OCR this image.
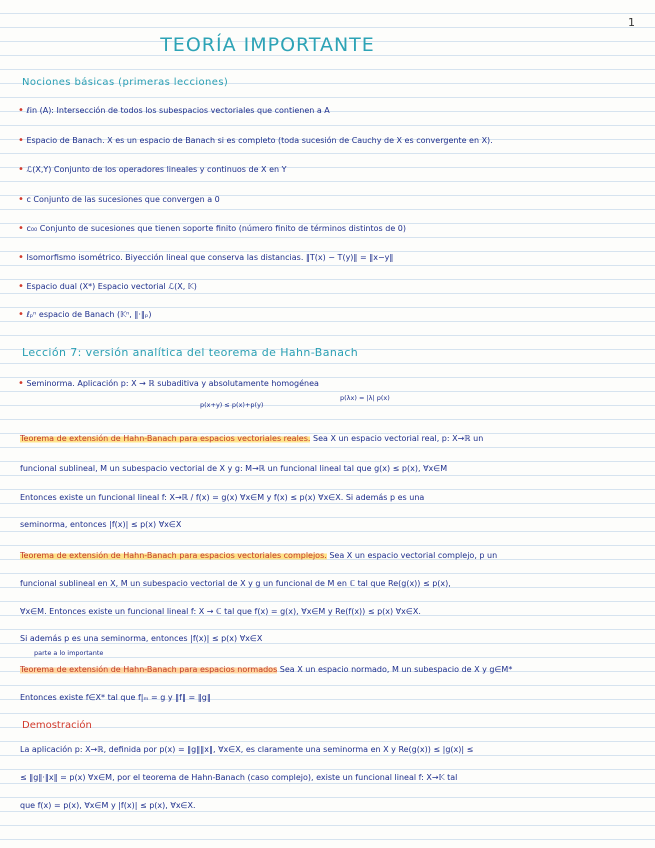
1
TEORÍA IMPORTANTE
Nociones básicas (primeras lecciones)
• ℓin (A): Intersección de todos los subespacios vectoriales que contienen a A
• Espacio de Banach. X es un espacio de Banach si es completo (toda sucesión de Cauchy de X es convergente en X).
• ℒ(X,Y) Conjunto de los operadores lineales y continuos de X en Y
• c Conjunto de las sucesiones que convergen a 0
• c₀₀ Conjunto de sucesiones que tienen soporte finito (número finito de términos distintos de 0)
• Isomorfismo isométrico. Biyección lineal que conserva las distancias. ‖T(x) − T(y)‖ = ‖x−y‖
• Espacio dual (X*) Espacio vectorial ℒ(X, 𝕂)
• ℓₚⁿ espacio de Banach (𝕂ⁿ, ‖·‖ₚ)
Lección 7: versión analítica del teorema de Hahn-Banach
• Seminorma. Aplicación p: X → ℝ subaditiva y absolutamente homogénea
p(x+y) ≤ p(x)+p(y)
p(λx) = |λ| p(x)
Teorema de extensión de Hahn-Banach para espacios vectoriales reales. Sea X un espacio vectorial real, p: X→ℝ un
funcional sublineal, M un subespacio vectorial de X y g: M→ℝ un funcional lineal tal que g(x) ≤ p(x), ∀x∈M
Entonces existe un funcional lineal f: X→ℝ / f(x) = g(x) ∀x∈M y f(x) ≤ p(x) ∀x∈X. Si además p es una
seminorma, entonces |f(x)| ≤ p(x) ∀x∈X
Teorema de extensión de Hahn-Banach para espacios vectoriales complejos. Sea X un espacio vectorial complejo, p un
funcional sublineal en X, M un subespacio vectorial de X y g un funcional de M en ℂ tal que Re(g(x)) ≤ p(x),
∀x∈M. Entonces existe un funcional lineal f: X → ℂ tal que f(x) = g(x), ∀x∈M y Re(f(x)) ≤ p(x) ∀x∈X.
Si además p es una seminorma, entonces |f(x)| ≤ p(x) ∀x∈X
parte a lo importante
Teorema de extensión de Hahn-Banach para espacios normados Sea X un espacio normado, M un subespacio de X y g∈M*
Entonces existe f∈X* tal que f|ₘ = g y ‖f‖ = ‖g‖
Demostración
La aplicación p: X→ℝ, definida por p(x) = ‖g‖‖x‖, ∀x∈X, es claramente una seminorma en X y Re(g(x)) ≤ |g(x)| ≤
≤ ‖g‖·‖x‖ = p(x) ∀x∈M, por el teorema de Hahn-Banach (caso complejo), existe un funcional lineal f: X→𝕂 tal
que f(x) = p(x), ∀x∈M y |f(x)| ≤ p(x), ∀x∈X.
